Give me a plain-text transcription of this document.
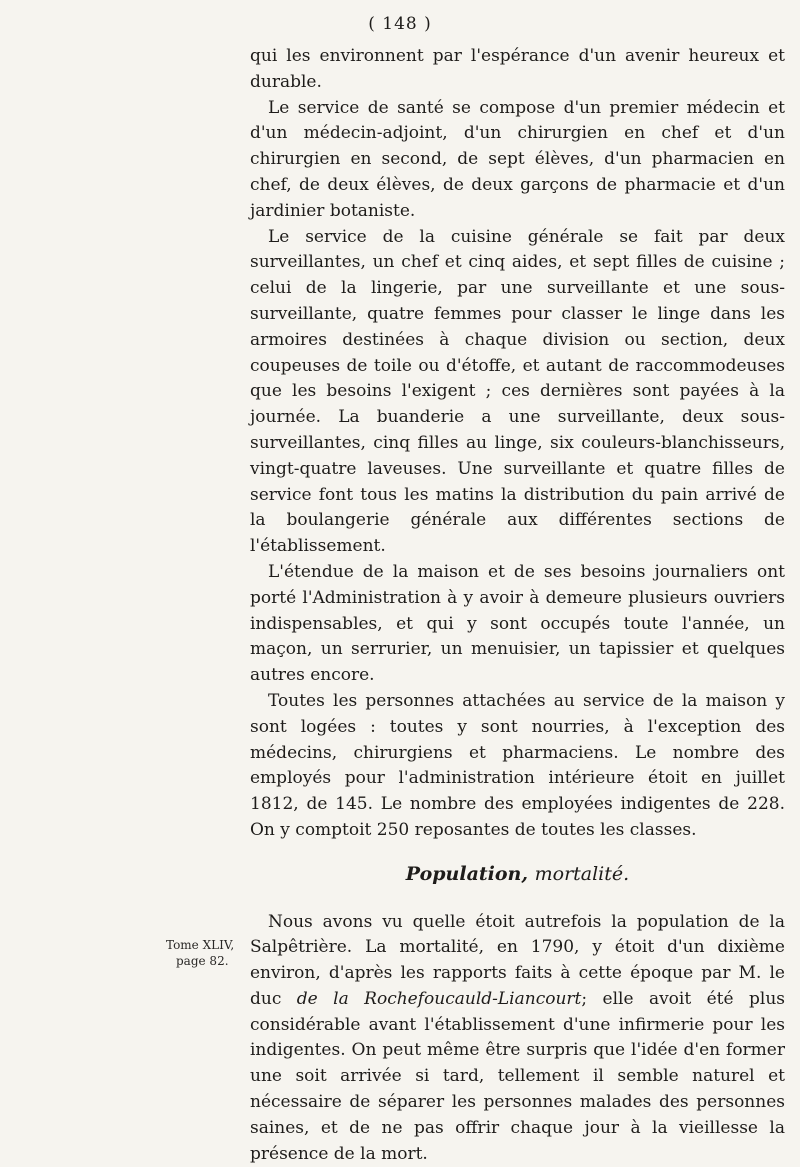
( 148 )

qui les environnent par l'espérance d'un avenir heureux et durable.

Le service de santé se compose d'un premier médecin et d'un médecin-adjoint, d'un chirurgien en chef et d'un chirurgien en second, de sept élèves, d'un pharmacien en chef, de deux élèves, de deux garçons de pharmacie et d'un jardinier botaniste.

Le service de la cuisine générale se fait par deux surveillantes, un chef et cinq aides, et sept filles de cuisine ; celui de la lingerie, par une surveillante et une sous-surveillante, quatre femmes pour classer le linge dans les armoires destinées à chaque division ou section, deux coupeuses de toile ou d'étoffe, et autant de raccommodeuses que les besoins l'exigent ; ces dernières sont payées à la journée. La buanderie a une surveillante, deux sous-surveillantes, cinq filles au linge, six couleurs-blanchisseurs, vingt-quatre laveuses. Une surveillante et quatre filles de service font tous les matins la distribution du pain arrivé de la boulangerie générale aux différentes sections de l'établissement.

L'étendue de la maison et de ses besoins journaliers ont porté l'Administration à y avoir à demeure plusieurs ouvriers indispensables, et qui y sont occupés toute l'année, un maçon, un serrurier, un menuisier, un tapissier et quelques autres encore.

Toutes les personnes attachées au service de la maison y sont logées : toutes y sont nourries, à l'exception des médecins, chirurgiens et pharmaciens. Le nombre des employés pour l'administration intérieure étoit en juillet 1812, de 145. Le nombre des employées indigentes de 228. On y comptoit 250 reposantes de toutes les classes.

Population, mortalité.

Nous avons vu quelle étoit autrefois la population de la Salpêtrière. La mortalité, en 1790, y étoit d'un dixième environ, d'après les rapports faits à cette époque par M. le duc de la Rochefoucauld-Liancourt; elle avoit été plus considérable avant l'établissement d'une infirmerie pour les indigentes. On peut même être surpris que l'idée d'en former une soit arrivée si tard, tellement il semble naturel et nécessaire de séparer les personnes malades des personnes saines, et de ne pas offrir chaque jour à la vieillesse la présence de la mort.

Tome XLIV,
page 82.
